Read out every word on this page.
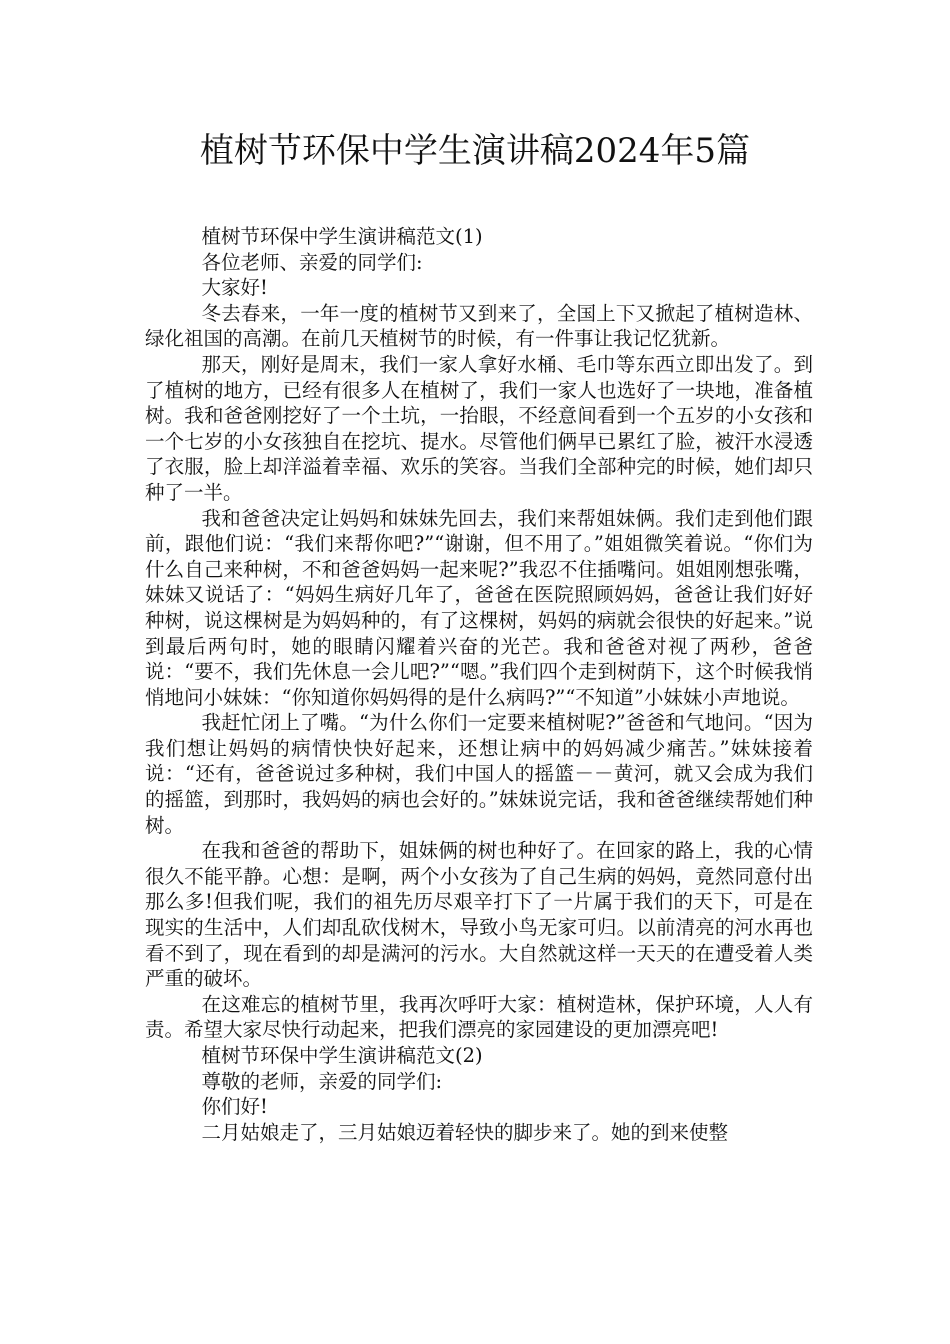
植树节环保中学生演讲稿2024年5篇

植树节环保中学生演讲稿范文(1)

各位老师、亲爱的同学们:

大家好!

冬去春来，一年一度的植树节又到来了，全国上下又掀起了植树造林、绿化祖国的高潮。在前几天植树节的时候，有一件事让我记忆犹新。

那天，刚好是周末，我们一家人拿好水桶、毛巾等东西立即出发了。到了植树的地方，已经有很多人在植树了，我们一家人也选好了一块地，准备植树。我和爸爸刚挖好了一个土坑，一抬眼，不经意间看到一个五岁的小女孩和一个七岁的小女孩独自在挖坑、提水。尽管他们俩早已累红了脸，被汗水浸透了衣服，脸上却洋溢着幸福、欢乐的笑容。当我们全部种完的时候，她们却只种了一半。

我和爸爸决定让妈妈和妹妹先回去，我们来帮姐妹俩。我们走到他们跟前，跟他们说：“我们来帮你吧?”“谢谢，但不用了。”姐姐微笑着说。“你们为什么自己来种树，不和爸爸妈妈一起来呢?”我忍不住插嘴问。姐姐刚想张嘴，妹妹又说话了：“妈妈生病好几年了，爸爸在医院照顾妈妈，爸爸让我们好好种树，说这棵树是为妈妈种的，有了这棵树，妈妈的病就会很快的好起来。”说到最后两句时，她的眼睛闪耀着兴奋的光芒。我和爸爸对视了两秒，爸爸说：“要不，我们先休息一会儿吧?”“嗯。”我们四个走到树荫下，这个时候我悄悄地问小妹妹：“你知道你妈妈得的是什么病吗?”“不知道”小妹妹小声地说。

我赶忙闭上了嘴。“为什么你们一定要来植树呢?”爸爸和气地问。“因为我们想让妈妈的病情快快好起来，还想让病中的妈妈减少痛苦。”妹妹接着说：“还有，爸爸说过多种树，我们中国人的摇篮－－黄河，就又会成为我们的摇篮，到那时，我妈妈的病也会好的。”妹妹说完话，我和爸爸继续帮她们种树。

在我和爸爸的帮助下，姐妹俩的树也种好了。在回家的路上，我的心情很久不能平静。心想：是啊，两个小女孩为了自己生病的妈妈，竟然同意付出那么多!但我们呢，我们的祖先历尽艰辛打下了一片属于我们的天下，可是在现实的生活中，人们却乱砍伐树木，导致小鸟无家可归。以前清亮的河水再也看不到了，现在看到的却是满河的污水。大自然就这样一天天的在遭受着人类严重的破坏。

在这难忘的植树节里，我再次呼吁大家：植树造林，保护环境，人人有责。希望大家尽快行动起来，把我们漂亮的家园建设的更加漂亮吧!

植树节环保中学生演讲稿范文(2)

尊敬的老师，亲爱的同学们:

你们好!

二月姑娘走了，三月姑娘迈着轻快的脚步来了。她的到来使整
